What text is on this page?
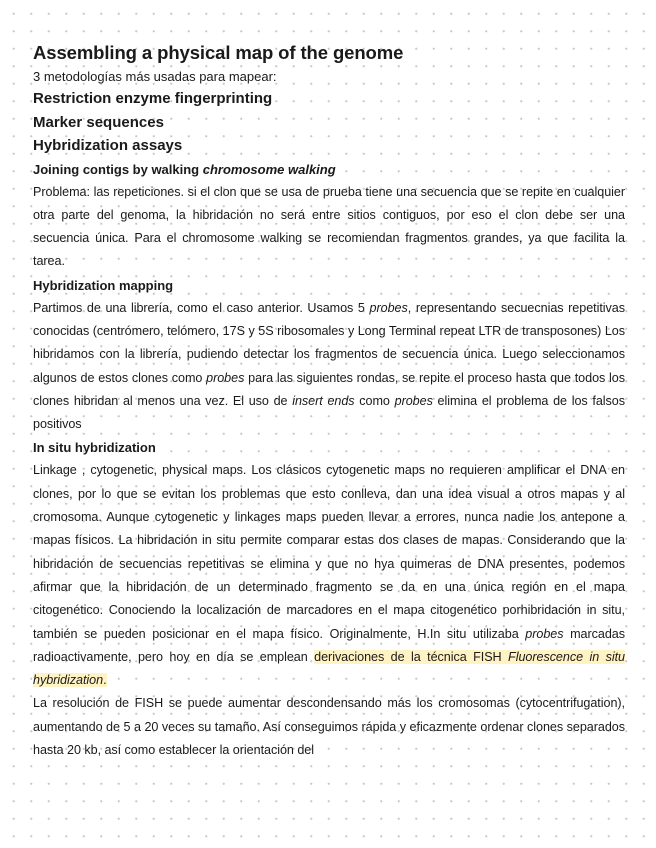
Assembling a physical map of the genome

3 metodologías más usadas para mapear:

Restriction enzyme fingerprinting

Marker sequences

Hybridization assays

Joining contigs by walking chromosome walking

Problema: las repeticiones. si el clon que se usa de prueba tiene una secuencia que se repite en cualquier otra parte del genoma, la hibridación no será entre sitios contiguos, por eso el clon debe ser una secuencia única. Para el chromosome walking se recomiendan fragmentos grandes, ya que facilita la tarea.

Hybridization mapping

Partimos de una librería, como el caso anterior. Usamos 5 probes, representando secuecnias repetitivas conocidas (centrómero, telómero, 17S y 5S ribosomales y Long Terminal repeat LTR de transposones) Los hibridamos con la librería, pudiendo detectar los fragmentos de secuencia única. Luego seleccionamos algunos de estos clones como probes para las siguientes rondas, se repite el proceso hasta que todos los clones hibridan al menos una vez. El uso de insert ends como probes elimina el problema de los falsos positivos

In situ hybridization

Linkage , cytogenetic, physical maps. Los clásicos cytogenetic maps no requieren amplificar el DNA en clones, por lo que se evitan los problemas que esto conlleva, dan una idea visual a otros mapas y al cromosoma. Aunque cytogenetic y linkages maps pueden llevar a errores, nunca nadie los antepone a mapas físicos. La hibridación in situ permite comparar estas dos clases de mapas. Considerando que la hibridación de secuencias repetitivas se elimina y que no hya quimeras de DNA presentes, podemos afirmar que la hibridación de un determinado fragmento se da en una única región en el mapa citogenético. Conociendo la localización de marcadores en el mapa citogenético porhibridación in situ, también se pueden posicionar en el mapa físico. Originalmente, H.In situ utilizaba probes marcadas radioactivamente, pero hoy en día se emplean derivaciones de la técnica FISH Fluorescence in situ hybridization.

La resolución de FISH se puede aumentar descondensando más los cromosomas (cytocentrifugation), aumentando de 5 a 20 veces su tamaño. Así conseguimos rápida y eficazmente ordenar clones separados hasta 20 kb, así como establecer la orientación del
